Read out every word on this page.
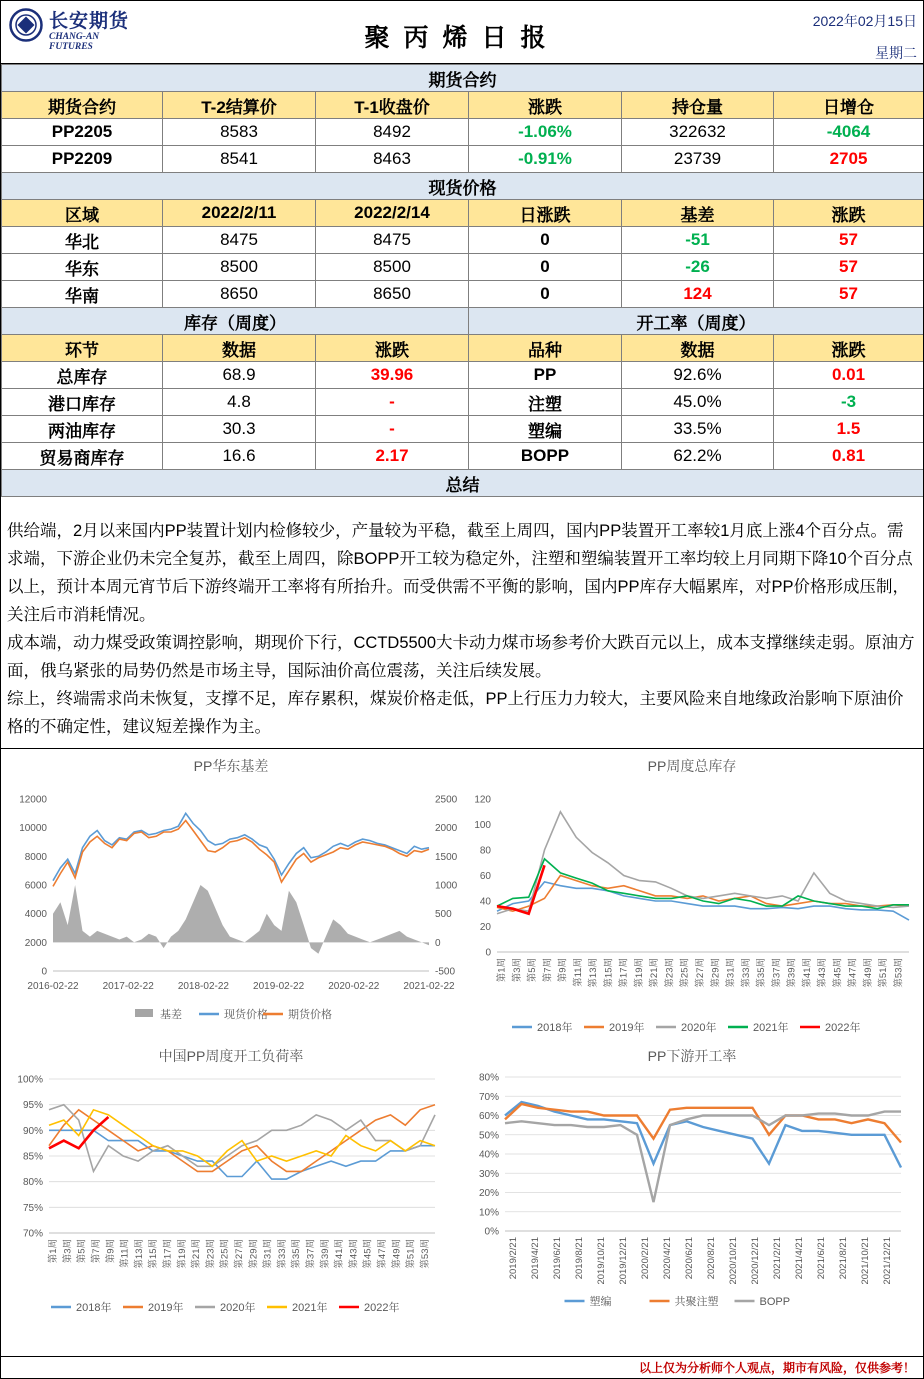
长安期货
CHANG-AN FUTURES	聚丙烯日报
2022年02月15日
星期二
期货合约					
期货合约	T-2结算价	T-1收盘价	涨跌	持仓量	日增仓
PP2205	8583	8492	-1.06%	322632	-4064
PP2209	8541	8463	-0.91%	23739	2705
现货价格					
区域	2022/2/11	2022/2/14	日涨跌	基差	涨跌
华北	8475	8475	0	-51	57
华东	8500	8500	0	-26	57
华南	8650	8650	0	124	57
库存（周度）			开工率（周度）		
环节	数据	涨跌	品种	数据	涨跌
总库存	68.9	39.96	PP	92.6%	0.01
港口库存	4.8	-	注塑	45.0%	-3
两油库存	30.3	-	塑编	33.5%	1.5
贸易商库存	16.6	2.17	BOPP	62.2%	0.81
总结					

供给端，2月以来国内PP装置计划内检修较少，产量较为平稳，截至上周四，国内PP装置开工率较1月底上涨4个百分点。需求端，下游企业仍未完全复苏，截至上周四，除BOPP开工较为稳定外，注塑和塑编装置开工率均较上月同期下降10个百分点以上，预计本周元宵节后下游终端开工率将有所抬升。而受供需不平衡的影响，国内PP库存大幅累库，对PP价格形成压制，关注后市消耗情况。

成本端，动力煤受政策调控影响，期现价下行，CCTD5500大卡动力煤市场参考价大跌百元以上，成本支撑继续走弱。原油方面，俄乌紧张的局势仍然是市场主导，国际油价高位震荡，关注后续发展。

综上，终端需求尚未恢复，支撑不足，库存累积，煤炭价格走低，PP上行压力力较大，主要风险来自地缘政治影响下原油价格的不确定性，建议短差操作为主。

PP华东基差
0
2000
4000
6000
8000
10000
12000
-500
0
500
1000
1500
2000
2500
2016-02-22 2017-02-22 2018-02-22 2019-02-22 2020-02-22 2021-02-22
基差	现货价格 期货价格
PP周度总库存
0
20
40
60
80
100
120
第1周 第3周 第5周 第7周 第9周 第11周 第13周 第15周 第17周 第19周 第21周 第23周 第25周 第27周 第29周 第31周 第33周 第35周 第37周 第39周 第41周 第43周 第45周 第47周 第49周 第51周 第53周
2018年	2019年	2020年	2021年	2022年
中国PP周度开工负荷率
70%
75%
80%
85%
90%
95%
100%
第1周 第3周 第5周 第7周 第9周 第11周 第13周 第15周 第17周 第19周 第21周 第23周 第25周 第27周 第29周 第31周 第33周 第35周 第37周 第39周 第41周 第43周 第45周 第47周 第49周 第51周 第53周
2018年	2019年	2020年	2021年	2022年
PP下游开工率
0%
10%
20%
30%
40%
50%
60%
70%
80%
2019/2/21 2019/4/21 2019/6/21 2019/8/21 2019/10/21 2019/12/21 2020/2/21 2020/4/21 2020/6/21 2020/8/21 2020/10/21 2020/12/21 2021/2/21 2021/4/21 2021/6/21 2021/8/21 2021/10/21 2021/12/21
塑编	共聚注塑	BOPP
以上仅为分析师个人观点，期市有风险，仅供参考！
